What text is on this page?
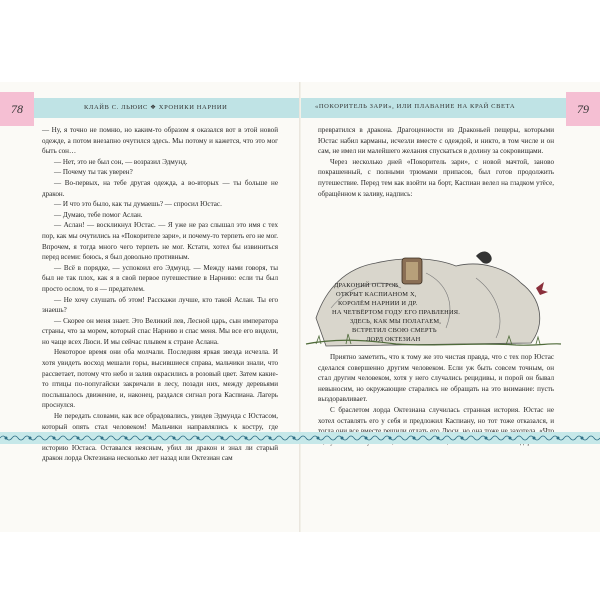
78	79
КЛАЙВ С. ЛЬЮИС ❖ ХРОНИКИ НАРНИИ	«ПОКОРИТЕЛЬ ЗАРИ», ИЛИ ПЛАВАНИЕ НА КРАЙ СВЕТА

— Ну, я точно не помню, но каким-то образом я оказался вот в этой новой одежде, а потом внезапно очутился здесь. Мы потому и кажется, что это мог быть сон…

— Нет, это не был сон, — возразил Эдмунд.

— Почему ты так уверен?

— Во-первых, на тебе другая одежда, а во-вторых — ты больше не дракон.

— И что это было, как ты думаешь? — спросил Юстас.

— Думаю, тебе помог Аслан.

— Аслан! — воскликнул Юстас. — Я уже не раз слышал это имя с тех пор, как мы очутились на «Покорителе зари», и почему-то терпеть его не мог. Впрочем, я тогда много чего терпеть не мог. Кстати, хотел бы извиниться перед всеми: боюсь, я был довольно противным.

— Всё в порядке, — успокоил его Эдмунд. — Между нами говоря, ты был не так плох, как я в свой первое путешествие в Нарнию: если ты был просто ослом, то я — предателем.

— Не хочу слушать об этом! Расскажи лучше, кто такой Аслан. Ты его знаешь?

— Скорее он меня знает. Это Великий лев, Лесной царь, сын императора страны, что за морем, который спас Нарнию и спас меня. Мы все его видели, но чаще всех Люси. И мы сейчас плывем к стране Аслана.

Некоторое время они оба молчали. Последняя яркая звезда исчезла. И хотя увидеть восход мешали горы, высившиеся справа, мальчики знали, что рассветает, потому что небо и залив окрасились в розовый цвет. Затем какие-то птицы по-попугайски закричали в лесу, позади них, между деревьями послышалось движение, и, наконец, раздался сигнал рога Каспиана. Лагерь проснулся.

Не передать словами, как все обрадовались, увидев Эдмунда с Юстасом, который опять стал человеком! Мальчики направлялись к костру, где историю Юстаса. Оставался неясным, убил ли дракон и знал ли старый дракон лорда Октезиана несколько лет назад или Октезиан сам

превратился в дракона. Драгоценности из Драконьей пещеры, которыми Юстас набил карманы, исчезли вместе с одеждой, и никто, в том числе и он сам, не имел ни малейшего желания спускаться в долину за сокровищами.

Через несколько дней «Покоритель зари», с новой мачтой, заново покрашенный, с полными трюмами припасов, был готов продолжить путешествие. Перед тем как взойти на борт, Каспиан велел на гладком утёсе, обращённом к заливу, надпись:

ДРАКОНИЙ ОСТРОВ
ОТКРЫТ КАСПИАНОМ X,
КОРОЛЁМ НАРНИИ И ДР.
НА ЧЕТВЁРТОМ ГОДУ ЕГО ПРАВЛЕНИЯ.
ЗДЕСЬ, КАК МЫ ПОЛАГАЕМ,
ВСТРЕТИЛ СВОЮ СМЕРТЬ
ЛОРД ОКТЕЗИАН

Приятно заметить, что к тому же это чистая правда, что с тех пор Юстас сделался совершенно другим человеком. Если уж быть совсем точным, он стал другим человеком, хотя у него случались рецидивы, и порой он бывал невыносим, но окружающие старались не обращать на это внимание: пусть выздоравливает.

С браслетом лорда Октезиана случилась странная история. Юстас не хотел оставлять его у себя и предложил Каспиану, но тот тоже отказался, и
